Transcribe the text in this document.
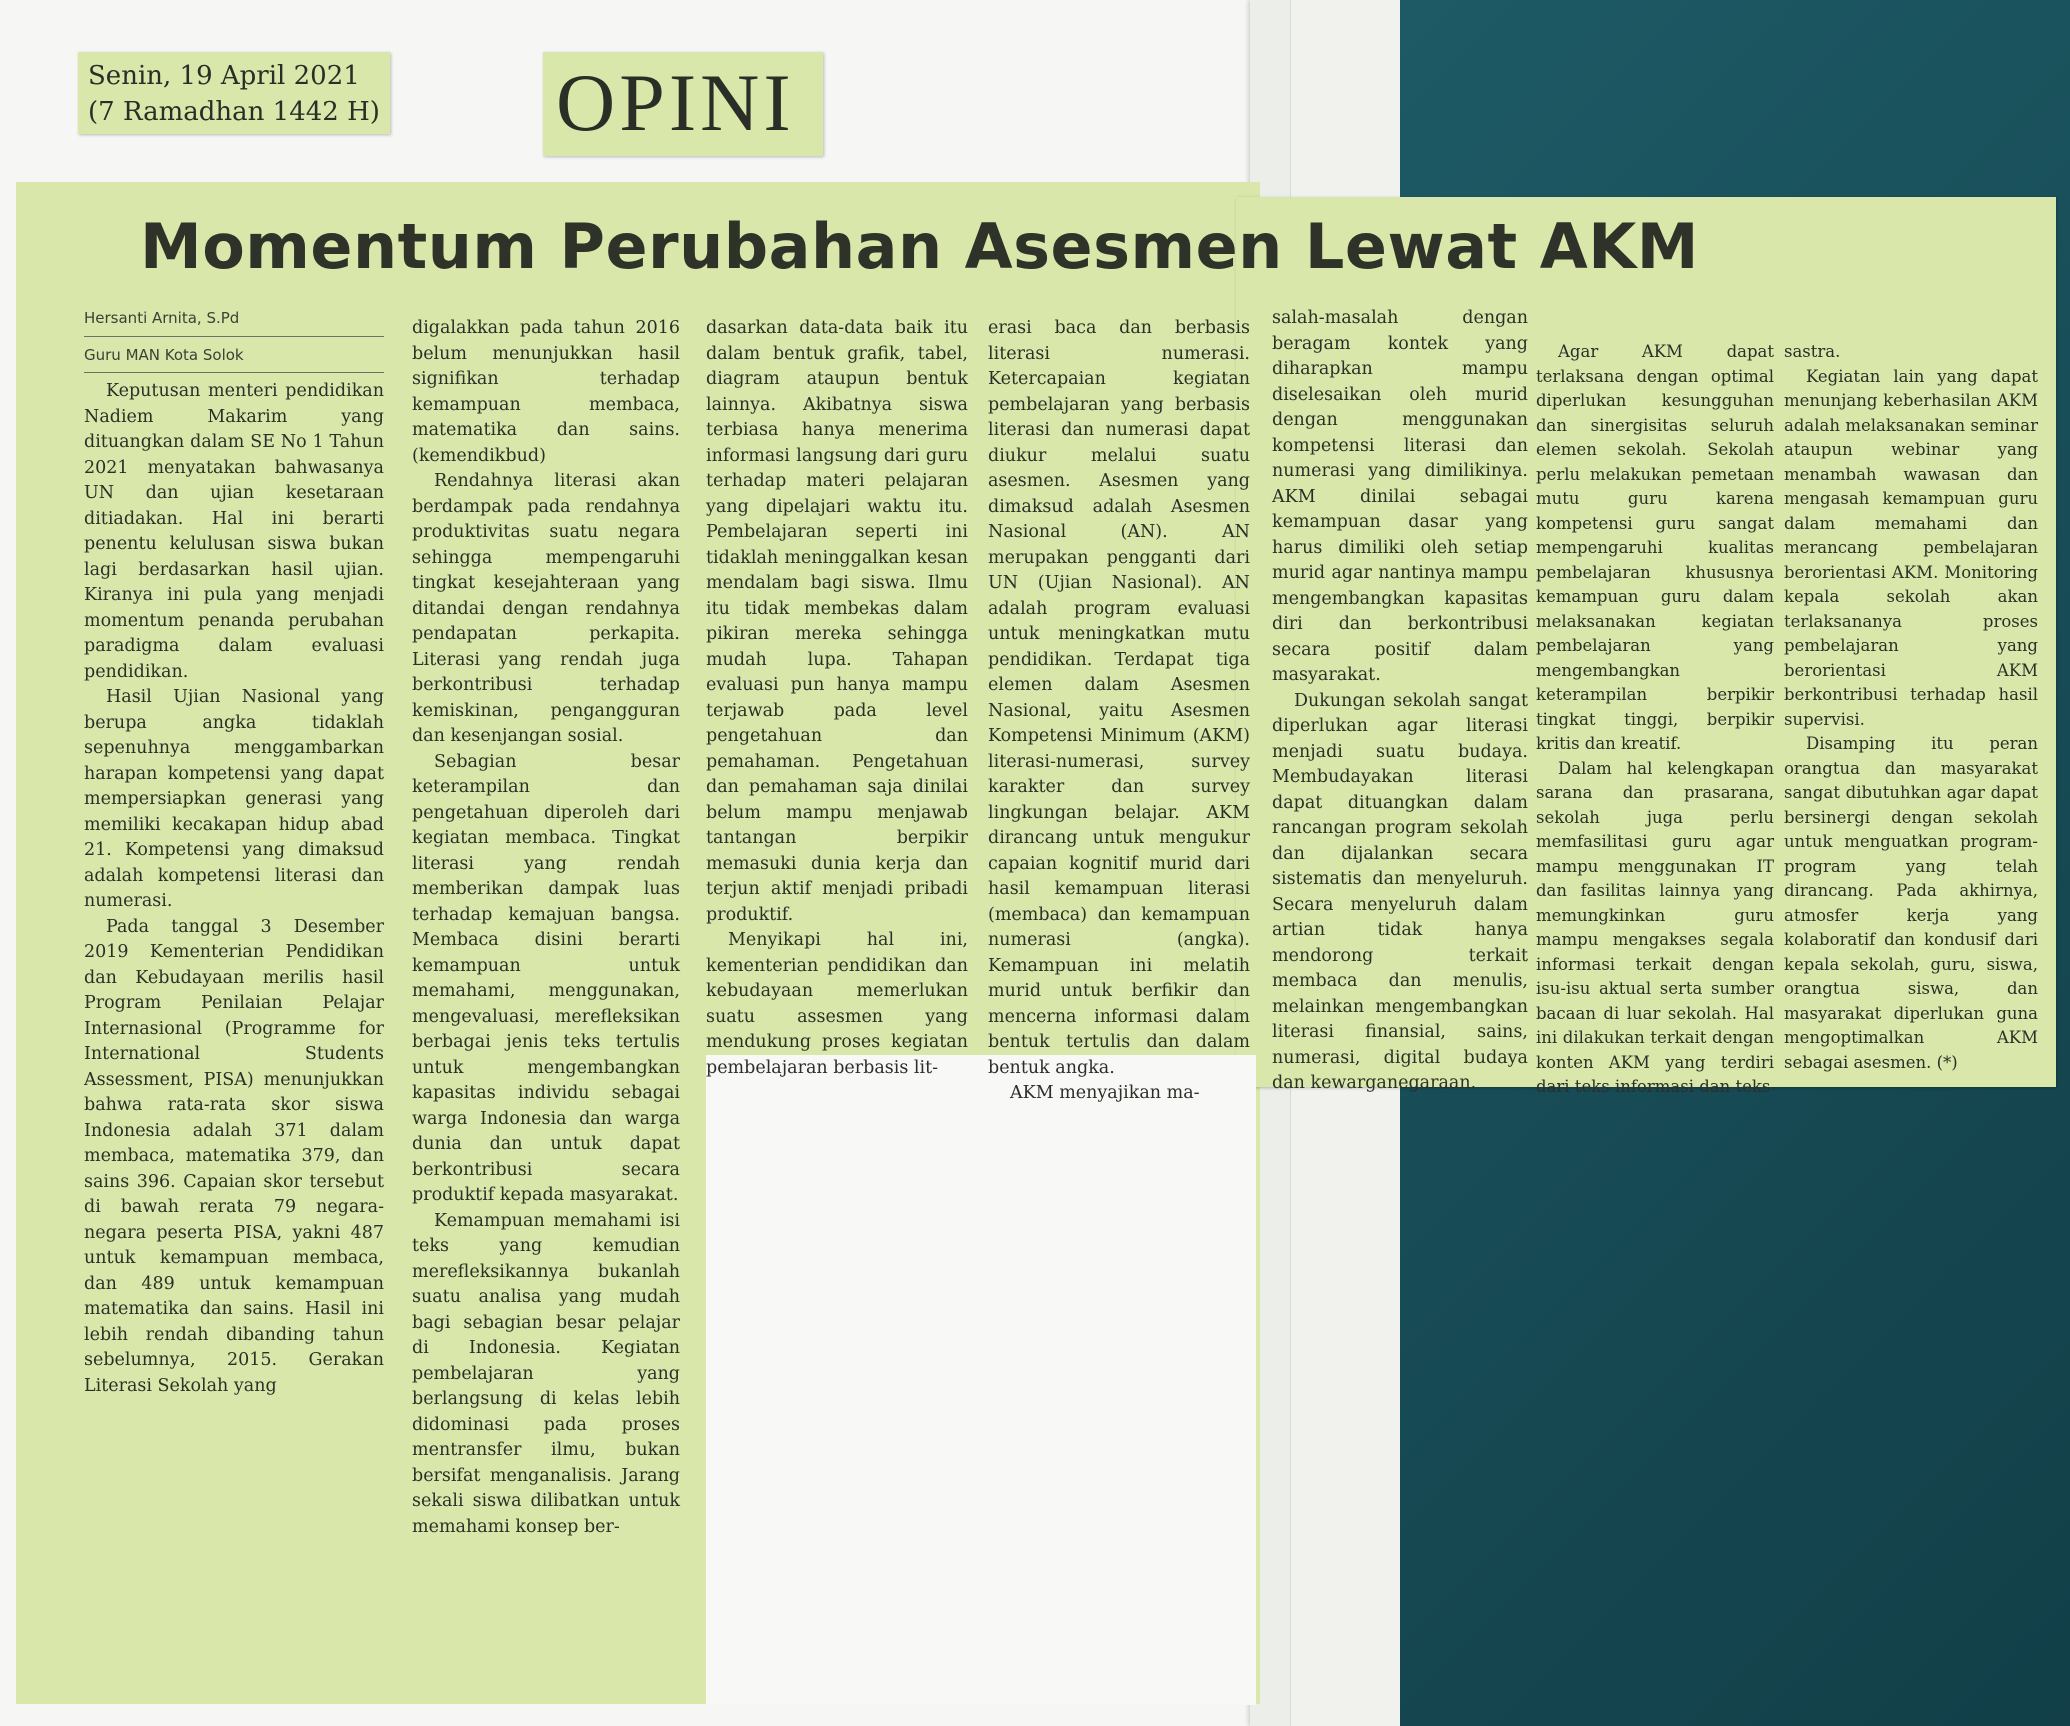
Senin, 19 April 2021
(7 Ramadhan 1442 H) OPINI
Momentum Perubahan Asesmen Lewat AKM
Hersanti Arnita, S.Pd
Guru MAN Kota Solok

Keputusan menteri pendidikan Nadiem Makarim yang dituangkan dalam SE No 1 Tahun 2021 menyatakan bahwasanya UN dan ujian kesetaraan ditiadakan. Hal ini berarti penentu kelulusan siswa bukan lagi berdasarkan hasil ujian. Kiranya ini pula yang menjadi momentum penanda perubahan paradigma dalam evaluasi pendidikan.

Hasil Ujian Nasional yang berupa angka tidaklah sepenuhnya menggambarkan harapan kompetensi yang dapat mempersiapkan generasi yang memiliki kecakapan hidup abad 21. Kompetensi yang dimaksud adalah kompetensi literasi dan numerasi.

Pada tanggal 3 Desember 2019 Kementerian Pendidikan dan Kebudayaan merilis hasil Program Penilaian Pelajar Internasional (Programme for International Students Assessment, PISA) menunjukkan bahwa rata-rata skor siswa Indonesia adalah 371 dalam membaca, matematika 379, dan sains 396. Capaian skor tersebut di bawah rerata 79 negara-negara peserta PISA, yakni 487 untuk kemampuan membaca, dan 489 untuk kemampuan matematika dan sains. Hasil ini lebih rendah dibanding tahun sebelumnya, 2015. Gerakan Literasi Sekolah yang

digalakkan pada tahun 2016 belum menunjukkan hasil signifikan terhadap kemampuan membaca, matematika dan sains. (kemendikbud)

Rendahnya literasi akan berdampak pada rendahnya produktivitas suatu negara sehingga mempengaruhi tingkat kesejahteraan yang ditandai dengan rendahnya pendapatan perkapita. Literasi yang rendah juga berkontribusi terhadap kemiskinan, pengangguran dan kesenjangan sosial.

Sebagian besar keterampilan dan pengetahuan diperoleh dari kegiatan membaca. Tingkat literasi yang rendah memberikan dampak luas terhadap kemajuan bangsa. Membaca disini berarti kemampuan untuk memahami, menggunakan, mengevaluasi, merefleksikan berbagai jenis teks tertulis untuk mengembangkan kapasitas individu sebagai warga Indonesia dan warga dunia dan untuk dapat berkontribusi secara produktif kepada masyarakat.

Kemampuan memahami isi teks yang kemudian merefleksikannya bukanlah suatu analisa yang mudah bagi sebagian besar pelajar di Indonesia. Kegiatan pembelajaran yang berlangsung di kelas lebih didominasi pada proses mentransfer ilmu, bukan bersifat menganalisis. Jarang sekali siswa dilibatkan untuk memahami konsep ber-

dasarkan data-data baik itu dalam bentuk grafik, tabel, diagram ataupun bentuk lainnya. Akibatnya siswa terbiasa hanya menerima informasi langsung dari guru terhadap materi pelajaran yang dipelajari waktu itu. Pembelajaran seperti ini tidaklah meninggalkan kesan mendalam bagi siswa. Ilmu itu tidak membekas dalam pikiran mereka sehingga mudah lupa. Tahapan evaluasi pun hanya mampu terjawab pada level pengetahuan dan pemahaman. Pengetahuan dan pemahaman saja dinilai belum mampu menjawab tantangan berpikir memasuki dunia kerja dan terjun aktif menjadi pribadi produktif.

Menyikapi hal ini, kementerian pendidikan dan kebudayaan memerlukan suatu assesmen yang mendukung proses kegiatan pembelajaran berbasis lit-

erasi baca dan berbasis literasi numerasi. Ketercapaian kegiatan pembelajaran yang berbasis literasi dan numerasi dapat diukur melalui suatu asesmen. Asesmen yang dimaksud adalah Asesmen Nasional (AN). AN merupakan pengganti dari UN (Ujian Nasional). AN adalah program evaluasi untuk meningkatkan mutu pendidikan. Terdapat tiga elemen dalam Asesmen Nasional, yaitu Asesmen Kompetensi Minimum (AKM) literasi-numerasi, survey karakter dan survey lingkungan belajar. AKM dirancang untuk mengukur capaian kognitif murid dari hasil kemampuan literasi (membaca) dan kemampuan numerasi (angka). Kemampuan ini melatih murid untuk berfikir dan mencerna informasi dalam bentuk tertulis dan dalam bentuk angka.

AKM menyajikan ma-

salah-masalah dengan beragam kontek yang diharapkan mampu diselesaikan oleh murid dengan menggunakan kompetensi literasi dan numerasi yang dimilikinya. AKM dinilai sebagai kemampuan dasar yang harus dimiliki oleh setiap murid agar nantinya mampu mengembangkan kapasitas diri dan berkontribusi secara positif dalam masyarakat.

Dukungan sekolah sangat diperlukan agar literasi menjadi suatu budaya. Membudayakan literasi dapat dituangkan dalam rancangan program sekolah dan dijalankan secara sistematis dan menyeluruh. Secara menyeluruh dalam artian tidak hanya mendorong terkait membaca dan menulis, melainkan mengembangkan literasi finansial, sains, numerasi, digital budaya dan kewarganegaraan.

Agar AKM dapat terlaksana dengan optimal diperlukan kesungguhan dan sinergisitas seluruh elemen sekolah. Sekolah perlu melakukan pemetaan mutu guru karena kompetensi guru sangat mempengaruhi kualitas pembelajaran khususnya kemampuan guru dalam melaksanakan kegiatan pembelajaran yang mengembangkan keterampilan berpikir tingkat tinggi, berpikir kritis dan kreatif.

Dalam hal kelengkapan sarana dan prasarana, sekolah juga perlu memfasilitasi guru agar mampu menggunakan IT dan fasilitas lainnya yang memungkinkan guru mampu mengakses segala informasi terkait dengan isu-isu aktual serta sumber bacaan di luar sekolah. Hal ini dilakukan terkait dengan konten AKM yang terdiri dari teks informasi dan teks

sastra.

Kegiatan lain yang dapat menunjang keberhasilan AKM adalah melaksanakan seminar ataupun webinar yang menambah wawasan dan mengasah kemampuan guru dalam memahami dan merancang pembelajaran berorientasi AKM. Monitoring kepala sekolah akan terlaksananya proses pembelajaran yang berorientasi AKM berkontribusi terhadap hasil supervisi.

Disamping itu peran orangtua dan masyarakat sangat dibutuhkan agar dapat bersinergi dengan sekolah untuk menguatkan program-program yang telah dirancang. Pada akhirnya, atmosfer kerja yang kolaboratif dan kondusif dari kepala sekolah, guru, siswa, orangtua siswa, dan masyarakat diperlukan guna mengoptimalkan AKM sebagai asesmen. (*)
